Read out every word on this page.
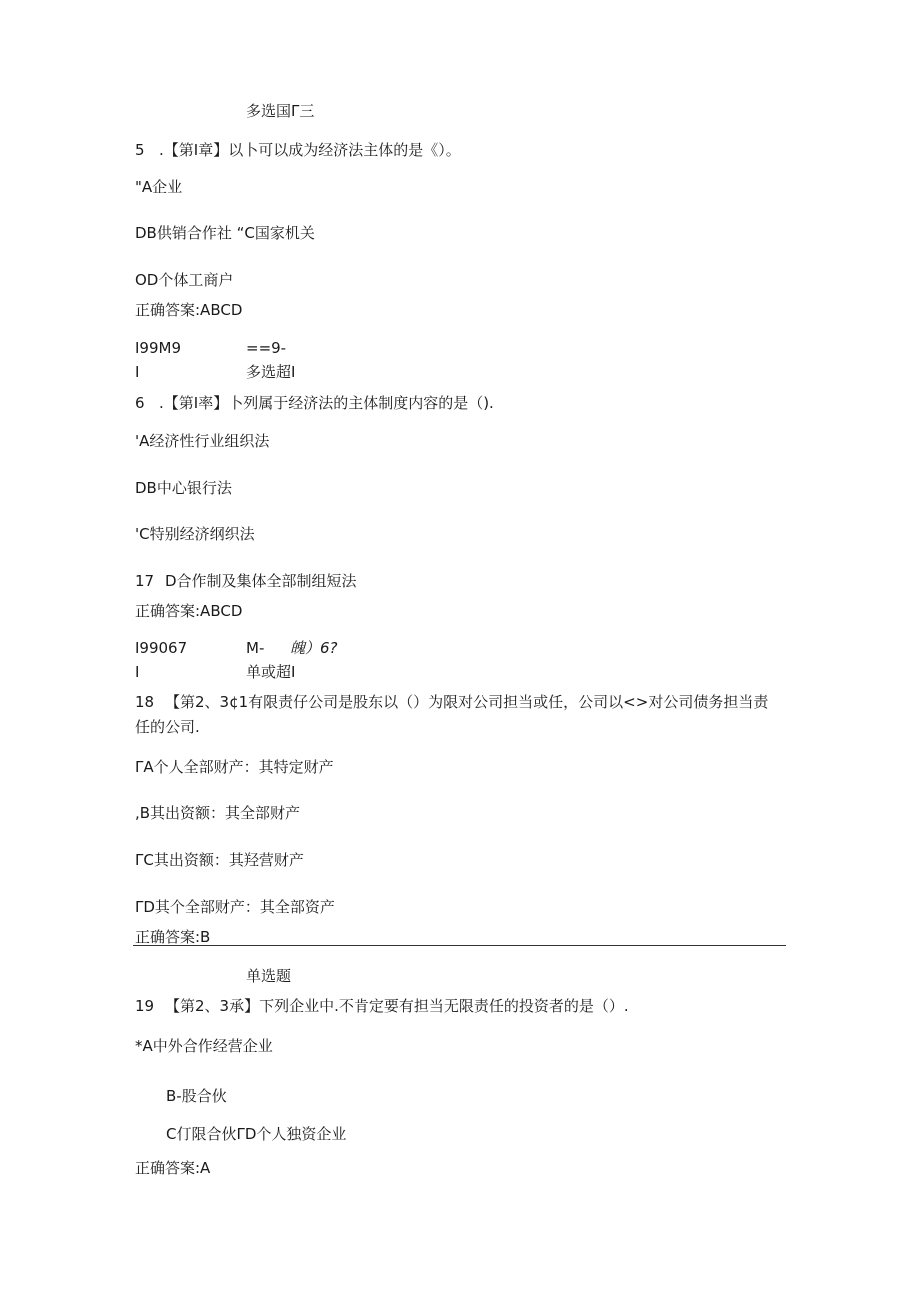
多选国Γ三
5 .【第I章】以卜可以成为经济法主体的是《）。
"A企业
DB供销合作社 “C国家机关
OD个体工商户
正确答案:ABCD
I99M9	==9-
I	多选超I
6 .【第I率】卜列属于经济法的主体制度内容的是（).
'A经济性行业组织法
DB中心银行法
'C特别经济纲织法
17 D合作制及集体全部制组短法
正确答案:ABCD
I99067	M- 魄）6?
I	单或超I
18 【第2、3¢1有限责仔公司是股东以（）为限对公司担当或任，公司以<>对公司债务担当责
任的公司.
ΓA个人全部财产：其特定财产
,B其出资额：其全部财产
ΓC其出资额：其羟营财产
ΓD其个全部财产：其全部资产
正确答案:B
单选题
19 【第2、3承】下列企业中.不肯定要有担当无限责任的投资者的是（）.
*A中外合作经营企业
B-股合伙
C仃限合伙ΓD个人独资企业
正确答案:A
